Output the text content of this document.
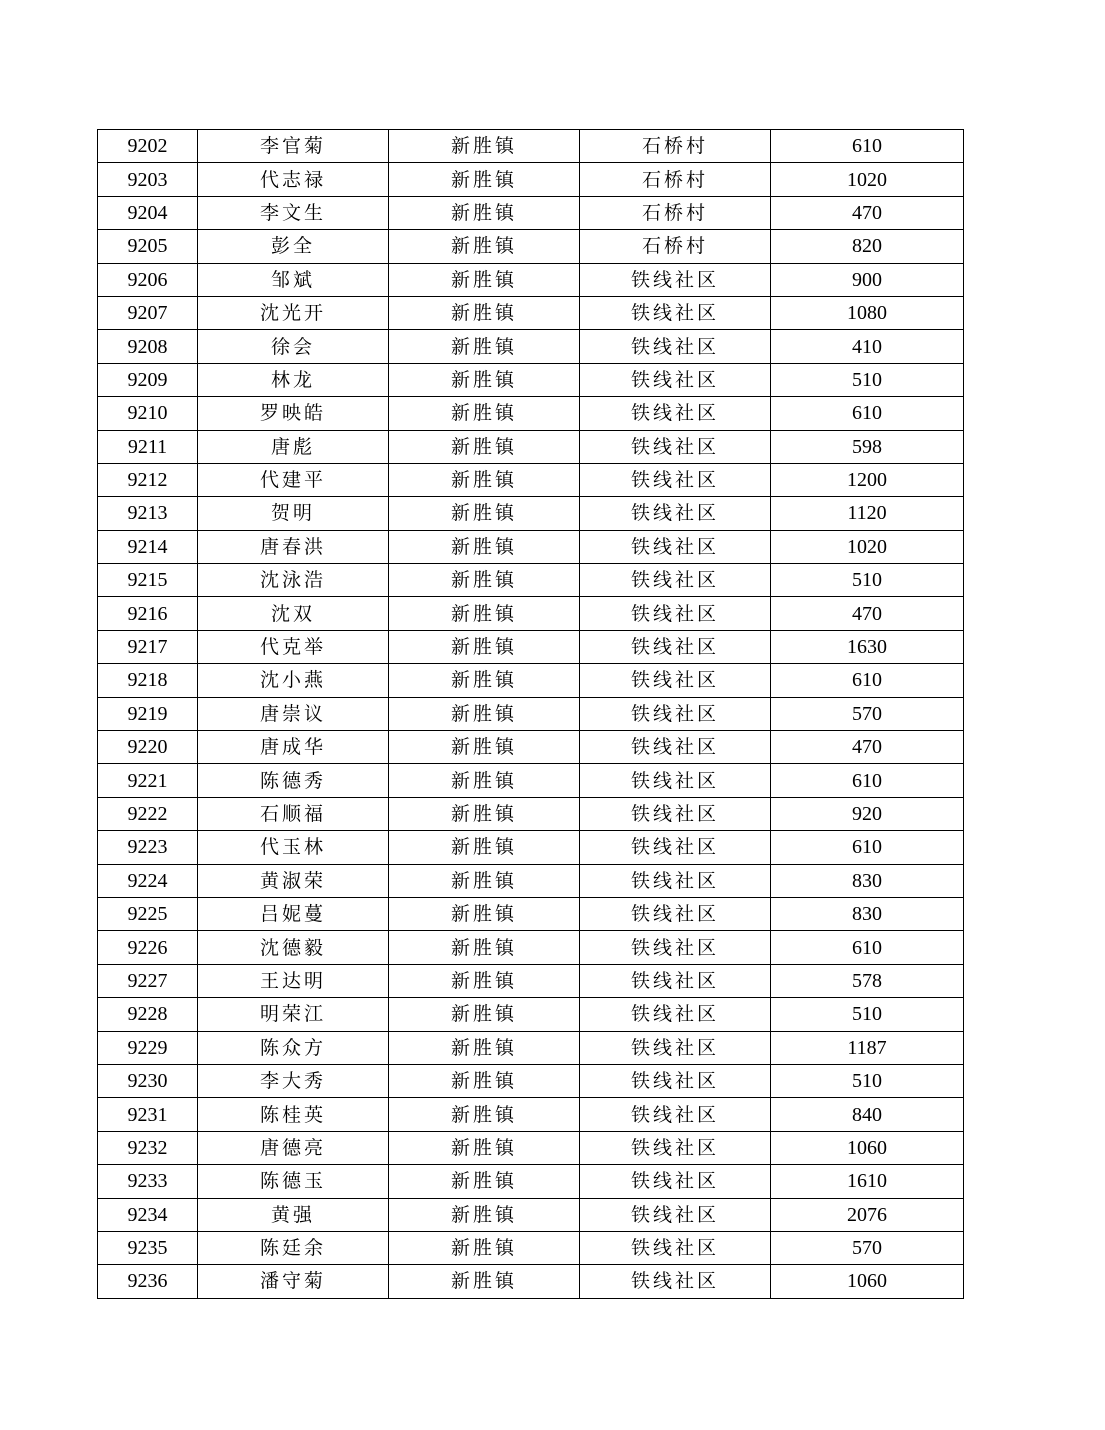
9202	李官菊	新胜镇	石桥村	610
9203	代志禄	新胜镇	石桥村	1020
9204	李文生	新胜镇	石桥村	470
9205	彭全	新胜镇	石桥村	820
9206	邹斌	新胜镇	铁线社区	900
9207	沈光开	新胜镇	铁线社区	1080
9208	徐会	新胜镇	铁线社区	410
9209	林龙	新胜镇	铁线社区	510
9210	罗映皓	新胜镇	铁线社区	610
9211	唐彪	新胜镇	铁线社区	598
9212	代建平	新胜镇	铁线社区	1200
9213	贺明	新胜镇	铁线社区	1120
9214	唐春洪	新胜镇	铁线社区	1020
9215	沈泳浩	新胜镇	铁线社区	510
9216	沈双	新胜镇	铁线社区	470
9217	代克举	新胜镇	铁线社区	1630
9218	沈小燕	新胜镇	铁线社区	610
9219	唐崇议	新胜镇	铁线社区	570
9220	唐成华	新胜镇	铁线社区	470
9221	陈德秀	新胜镇	铁线社区	610
9222	石顺福	新胜镇	铁线社区	920
9223	代玉林	新胜镇	铁线社区	610
9224	黄淑荣	新胜镇	铁线社区	830
9225	吕妮蔓	新胜镇	铁线社区	830
9226	沈德毅	新胜镇	铁线社区	610
9227	王达明	新胜镇	铁线社区	578
9228	明荣江	新胜镇	铁线社区	510
9229	陈众方	新胜镇	铁线社区	1187
9230	李大秀	新胜镇	铁线社区	510
9231	陈桂英	新胜镇	铁线社区	840
9232	唐德亮	新胜镇	铁线社区	1060
9233	陈德玉	新胜镇	铁线社区	1610
9234	黄强	新胜镇	铁线社区	2076
9235	陈廷余	新胜镇	铁线社区	570
9236	潘守菊	新胜镇	铁线社区	1060
